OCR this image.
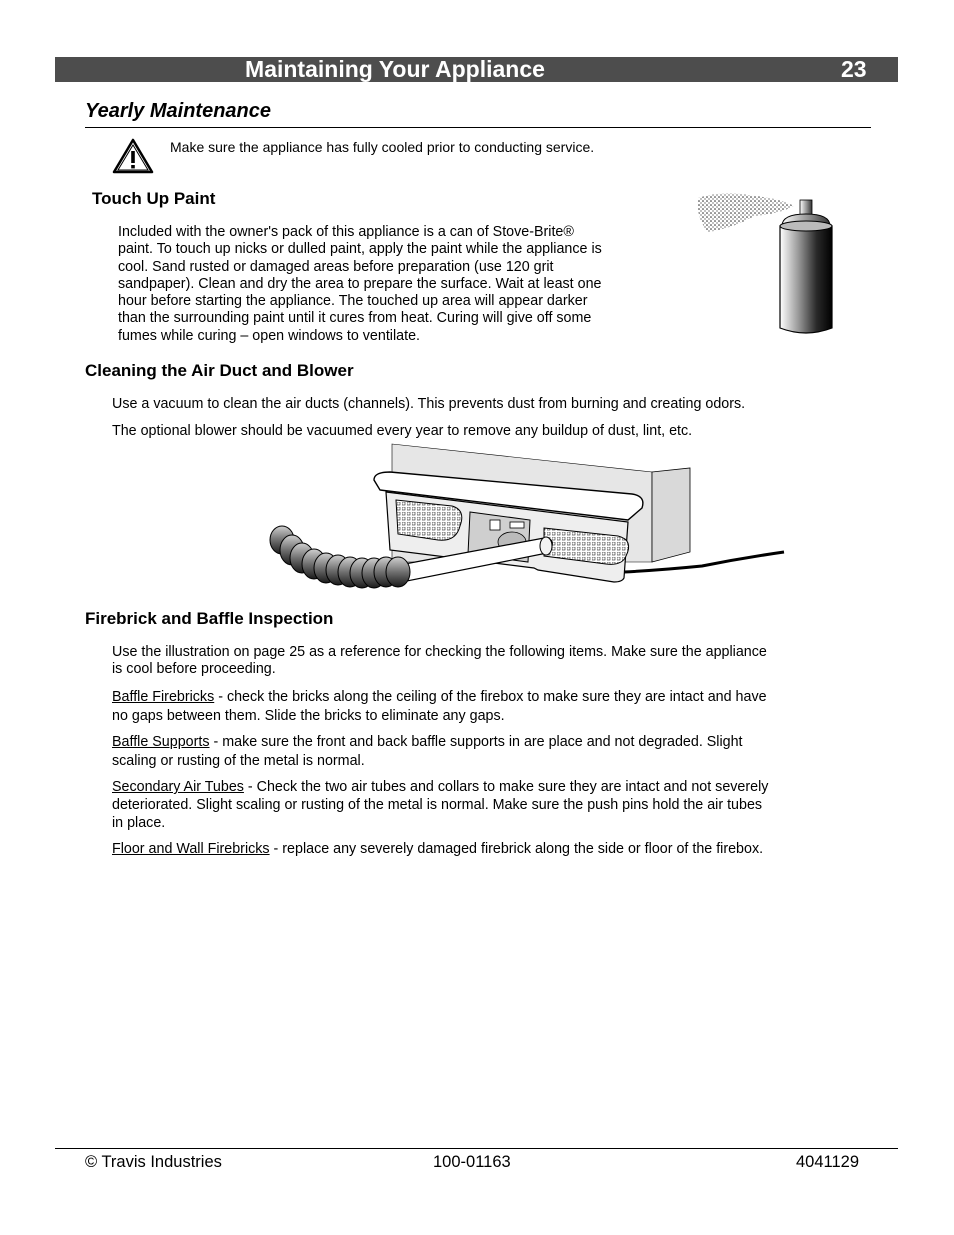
Maintaining Your Appliance	23
Yearly Maintenance
Make sure the appliance has fully cooled prior to conducting service.
Touch Up Paint
Included with the owner's pack of this appliance is a can of Stove-Brite®
paint. To touch up nicks or dulled paint, apply the paint while the appliance is
cool. Sand rusted or damaged areas before preparation (use 120 grit
sandpaper). Clean and dry the area to prepare the surface. Wait at least one
hour before starting the appliance. The touched up area will appear darker
than the surrounding paint until it cures from heat. Curing will give off some
fumes while curing – open windows to ventilate.
Cleaning the Air Duct and Blower
Use a vacuum to clean the air ducts (channels). This prevents dust from burning and creating odors.
The optional blower should be vacuumed every year to remove any buildup of dust, lint, etc.
Firebrick and Baffle Inspection
Use the illustration on page 25 as a reference for checking the following items. Make sure the appliance
is cool before proceeding.
Baffle Firebricks - check the bricks along the ceiling of the firebox to make sure they are intact and have
no gaps between them. Slide the bricks to eliminate any gaps.
Baffle Supports - make sure the front and back baffle supports in are place and not degraded. Slight
scaling or rusting of the metal is normal.
Secondary Air Tubes - Check the two air tubes and collars to make sure they are intact and not severely
deteriorated. Slight scaling or rusting of the metal is normal. Make sure the push pins hold the air tubes
in place.
Floor and Wall Firebricks - replace any severely damaged firebrick along the side or floor of the firebox.
© Travis Industries	100-01163	4041129
